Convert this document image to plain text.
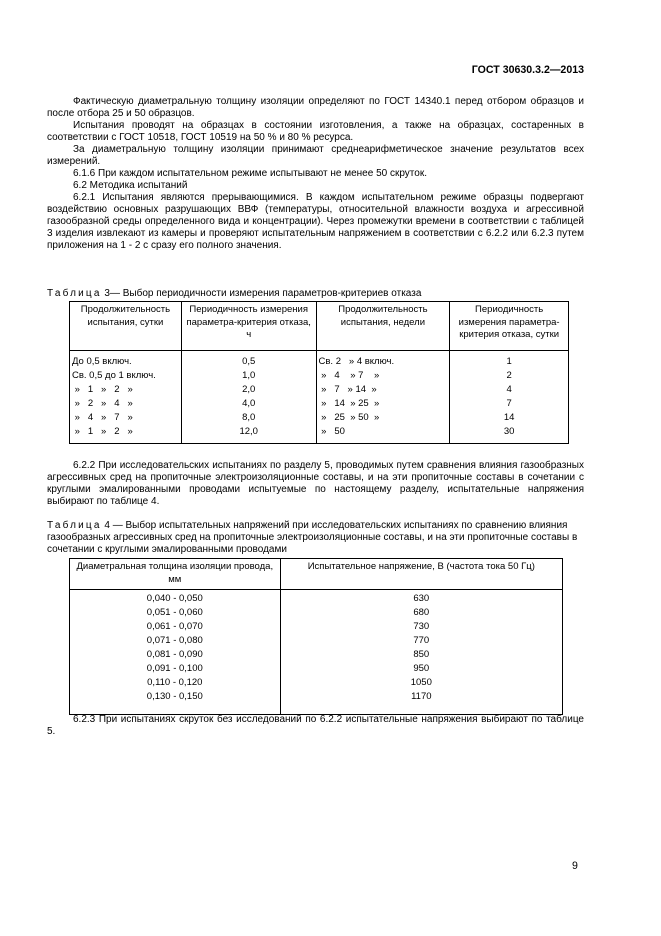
ГОСТ 30630.3.2—2013

Фактическую диаметральную толщину изоляции определяют по ГОСТ 14340.1 перед отбором образцов и после отбора 25 и 50 образцов.

Испытания проводят на образцах в состоянии изготовления, а также на образцах, состаренных в соответствии с ГОСТ 10518, ГОСТ 10519 на 50 % и 80 % ресурса.

За диаметральную толщину изоляции принимают среднеарифметическое значение результатов всех измерений.

6.1.6 При каждом испытательном режиме испытывают не менее 50 скруток.

6.2 Методика испытаний

6.2.1 Испытания являются прерывающимися. В каждом испытательном режиме образцы подвергают воздействию основных разрушающих ВВФ (температуры, относительной влажности воздуха и агрессивной газообразной среды определенного вида и концентрации). Через промежутки времени в соответствии с таблицей 3 изделия извлекают из камеры и проверяют испытательным напряжением в соответствии с 6.2.2 или 6.2.3 путем приложения на 1 - 2 с сразу его полного значения.

Таблица 3— Выбор периодичности измерения параметров-критериев отказа
Продолжительность испытания, сутки	Периодичность измерения параметра-критерия отказа, ч	Продолжительность испытания, недели	Периодичность измерения параметра-критерия отказа, сутки
До 0,5 включ.	0,5	Св. 2   » 4 включ.	1
Св. 0,5 до 1 включ.	1,0	»   4    » 7    »	2
»   1   »   2   »	2,0	»   7   » 14  »	4
»   2   »   4   »	4,0	»   14  » 25  »	7
»   4   »   7   »	8,0	»   25  » 50  »	14
»   1   »   2   »	12,0	»   50	30

6.2.2 При исследовательских испытаниях по разделу 5, проводимых путем сравнения влияния газообразных агрессивных сред на пропиточные электроизоляционные составы, и на эти пропиточные составы в сочетании с круглыми эмалированными проводами испытуемые по настоящему разделу, испытательные напряжения выбирают по таблице 4.

Таблица 4 — Выбор испытательных напряжений при исследовательских испытаниях по сравнению влияния газообразных агрессивных сред на пропиточные электроизоляционные составы, и на эти пропиточные составы в сочетании с круглыми эмалированными проводами
Диаметральная толщина изоляции провода, мм	Испытательное напряжение, В (частота тока 50 Гц)
0,040 - 0,050	630
0,051 - 0,060	680
0,061 - 0,070	730
0,071 - 0,080	770
0,081 - 0,090	850
0,091 - 0,100	950
0,110 - 0,120	1050
0,130 - 0,150	1170

6.2.3 При испытаниях скруток без исследований по 6.2.2 испытательные напряжения выбирают по таблице 5.

9
